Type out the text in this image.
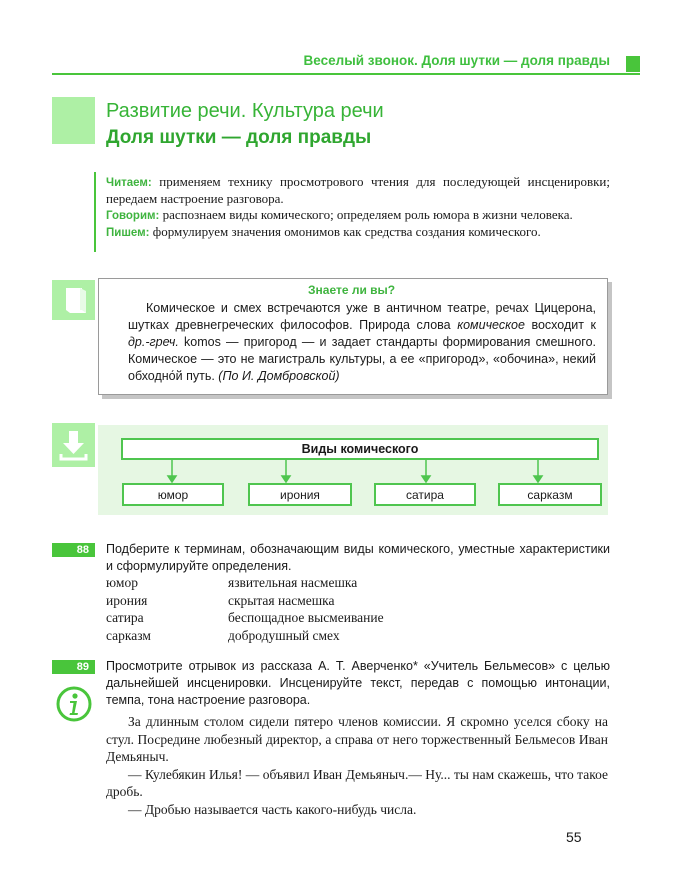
Веселый звонок. Доля шутки — доля правды
Развитие речи. Культура речи
Доля шутки — доля правды

Читаем: применяем технику просмотрового чтения для последующей инсценировки; передаем настроение разговора.

Говорим: распознаем виды комического; определяем роль юмора в жизни человека.

Пишем: формулируем значения омонимов как средства создания комического.

Знаете ли вы?

Комическое и смех встречаются уже в античном театре, речах Цицерона, шутках древнегреческих философов. Природа слова комическое восходит к др.-греч. komos — пригород — и задает стандарты формирования смешного. Комическое — это не магистраль культуры, а ее «пригород», «обочина», некий обходно́й путь. (По И. Домбровской)

Виды комического
юмор	ирония	сатира	сарказм
88	Подберите к терминам, обозначающим виды комического, уместные характеристики и сформулируйте определения.
юмор	язвительная насмешка
ирония	скрытая насмешка
сатира	беспощадное высмеивание
сарказм	добродушный смех
89	Просмотрите отрывок из рассказа А. Т. Аверченко* «Учитель Бельмесов» с целью дальнейшей инсценировки. Инсценируйте текст, передав с помощью интонации, темпа, тона настроение разговора.

За длинным столом сидели пятеро членов комиссии. Я скромно уселся сбоку на стул. Посредине любезный директор, а справа от него торжественный Бельмесов Иван Демьяныч.

— Кулебякин Илья! — объявил Иван Демьяныч.— Ну... ты нам скажешь, что такое дробь.

— Дробью называется часть какого-нибудь числа.

55
